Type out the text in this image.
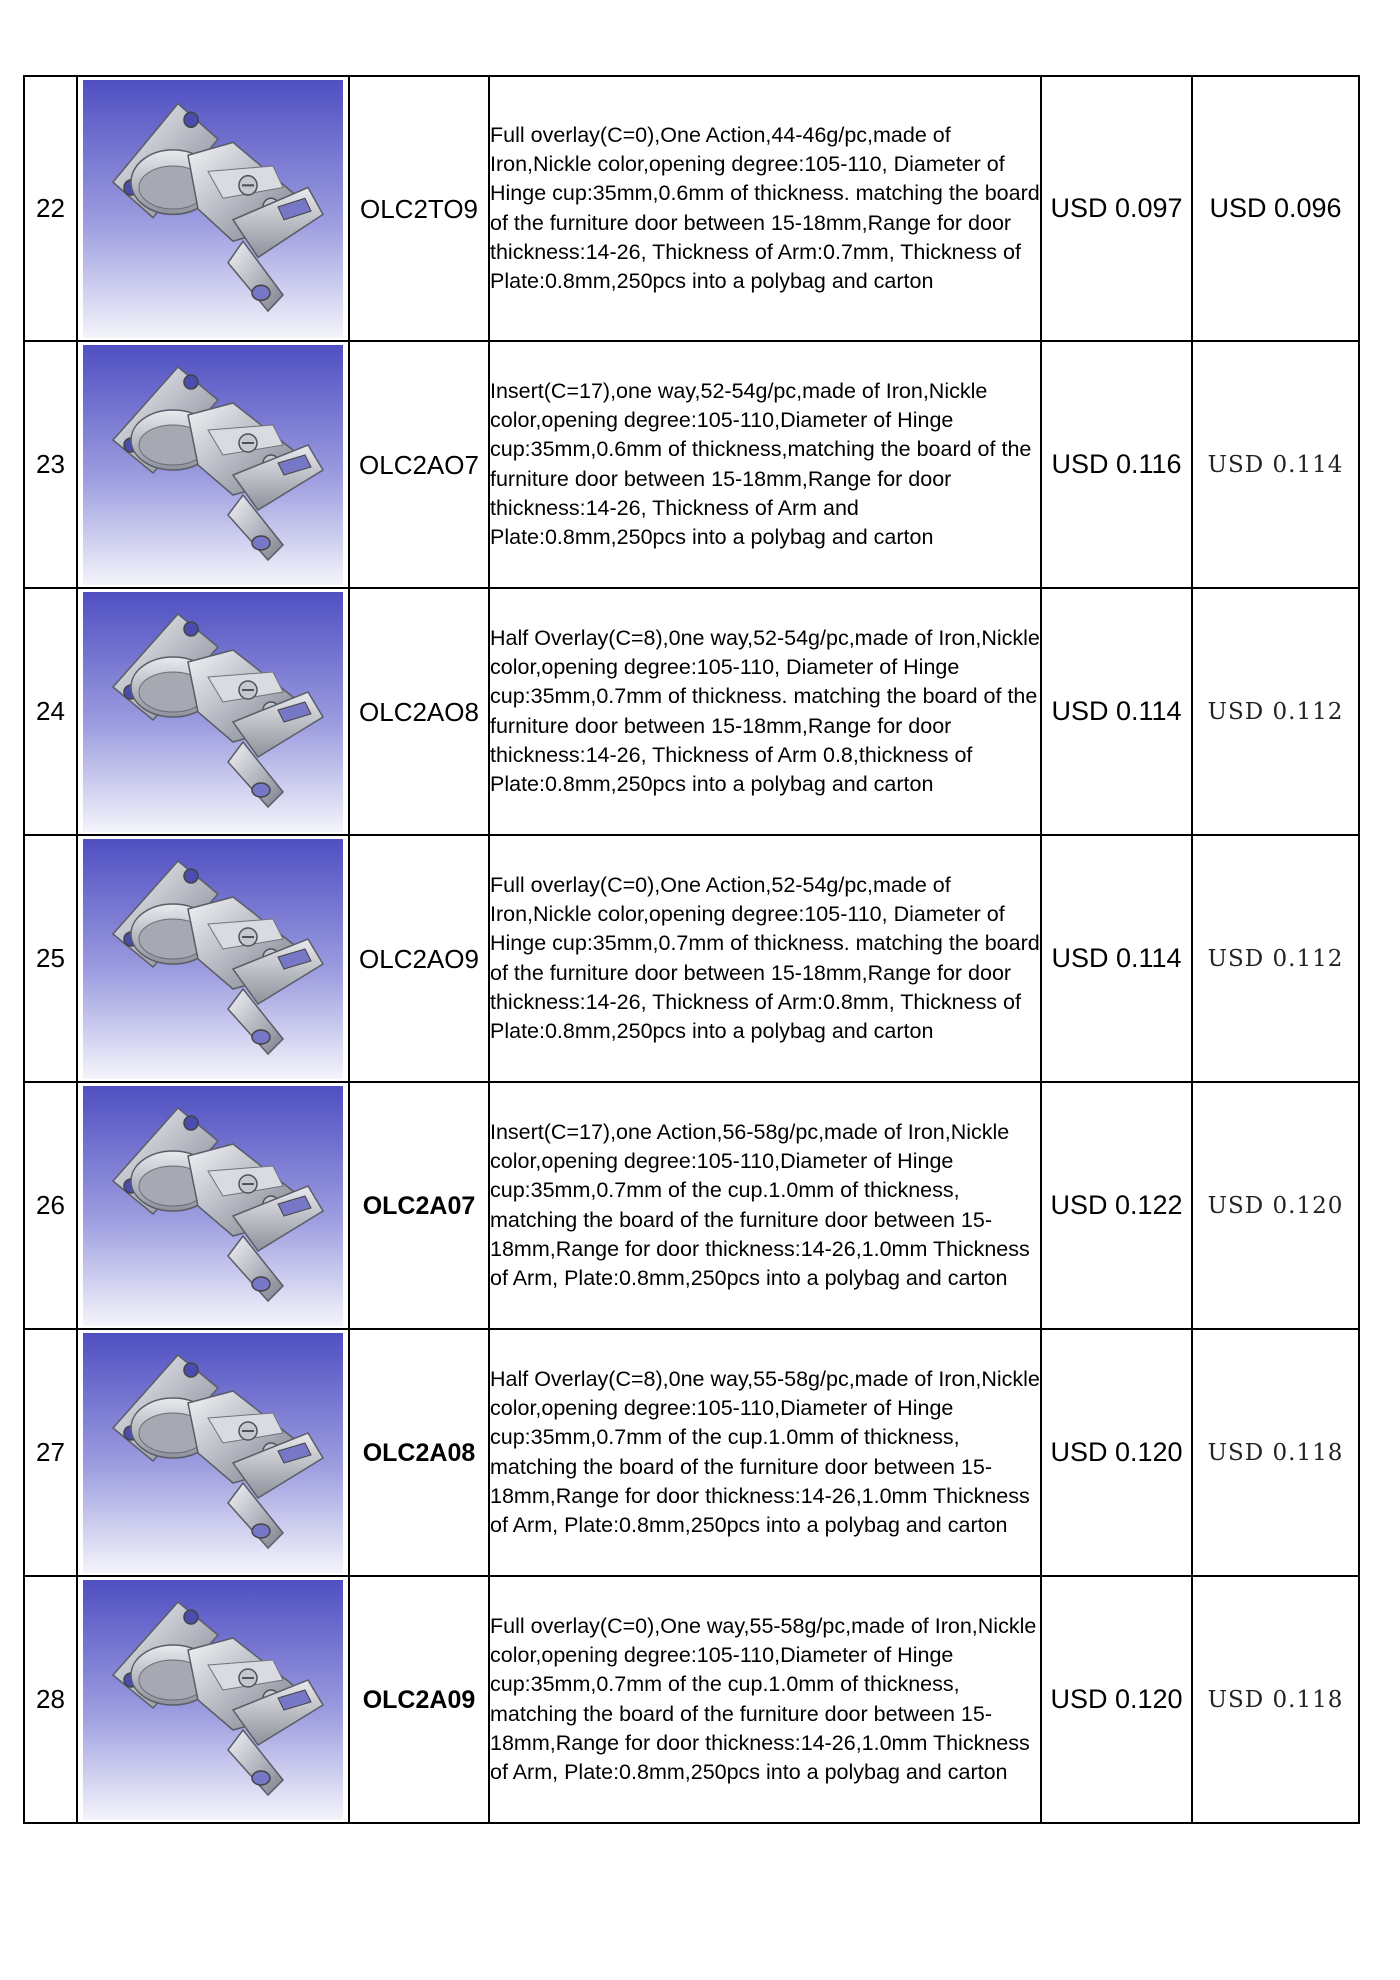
22		OLC2TO9	Full overlay(C=0),One Action,44-46g/pc,made of Iron,Nickle color,opening degree:105-110, Diameter of Hinge cup:35mm,0.6mm of thickness. matching the board of the furniture door between 15-18mm,Range for door thickness:14-26, Thickness of Arm:0.7mm, Thickness of Plate:0.8mm,250pcs into a polybag and carton	USD 0.097	USD 0.096
23		OLC2AO7	Insert(C=17),one way,52-54g/pc,made of Iron,Nickle color,opening degree:105-110,Diameter of Hinge cup:35mm,0.6mm of thickness,matching the board of the furniture door between 15-18mm,Range for door thickness:14-26, Thickness of Arm and Plate:0.8mm,250pcs into a polybag and carton	USD 0.116	USD 0.114
24		OLC2AO8	Half Overlay(C=8),0ne way,52-54g/pc,made of Iron,Nickle color,opening degree:105-110, Diameter of Hinge cup:35mm,0.7mm of thickness. matching the board of the furniture door between 15-18mm,Range for door thickness:14-26, Thickness of Arm 0.8,thickness of Plate:0.8mm,250pcs into a polybag and carton	USD 0.114	USD 0.112
25		OLC2AO9	Full overlay(C=0),One Action,52-54g/pc,made of Iron,Nickle color,opening degree:105-110, Diameter of Hinge cup:35mm,0.7mm of thickness. matching the board of the furniture door between 15-18mm,Range for door thickness:14-26, Thickness of Arm:0.8mm, Thickness of Plate:0.8mm,250pcs into a polybag and carton	USD 0.114	USD 0.112
26		OLC2A07	Insert(C=17),one Action,56-58g/pc,made of Iron,Nickle color,opening degree:105-110,Diameter of Hinge cup:35mm,0.7mm of the cup.1.0mm of thickness, matching the board of the furniture door between 15-18mm,Range for door thickness:14-26,1.0mm Thickness of Arm, Plate:0.8mm,250pcs into a polybag and carton	USD 0.122	USD 0.120
27		OLC2A08	Half Overlay(C=8),0ne way,55-58g/pc,made of Iron,Nickle color,opening degree:105-110,Diameter of Hinge cup:35mm,0.7mm of the cup.1.0mm of thickness, matching the board of the furniture door between 15-18mm,Range for door thickness:14-26,1.0mm Thickness of Arm, Plate:0.8mm,250pcs into a polybag and carton	USD 0.120	USD 0.118
28		OLC2A09	Full overlay(C=0),One way,55-58g/pc,made of Iron,Nickle color,opening degree:105-110,Diameter of Hinge cup:35mm,0.7mm of the cup.1.0mm of thickness, matching the board of the furniture door between 15-18mm,Range for door thickness:14-26,1.0mm Thickness of Arm, Plate:0.8mm,250pcs into a polybag and carton	USD 0.120	USD 0.118
